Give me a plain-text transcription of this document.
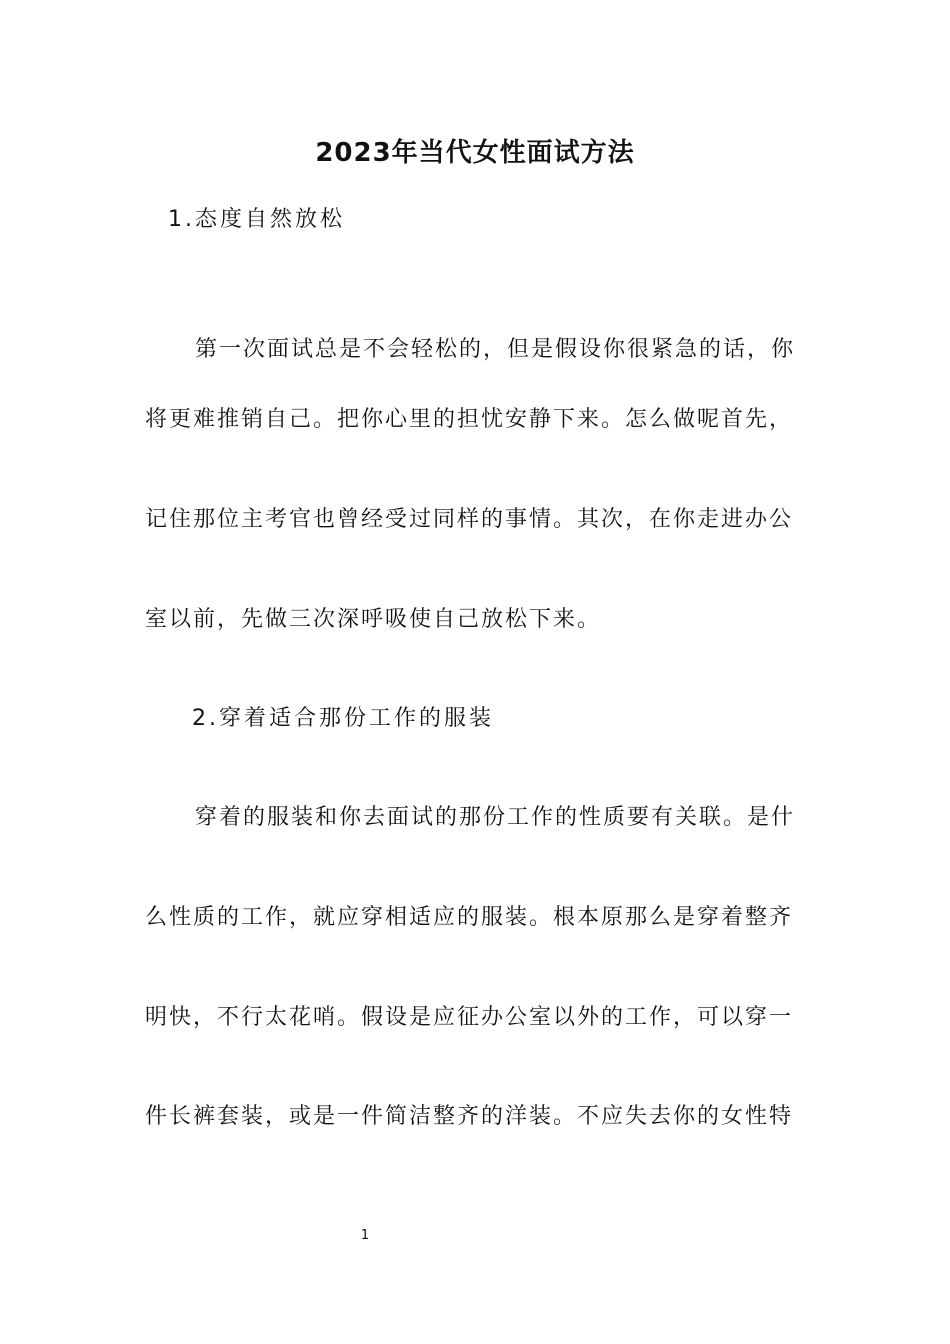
2023年当代女性面试方法
1.态度自然放松
第一次面试总是不会轻松的，但是假设你很紧急的话，你
将更难推销自己。把你心里的担忧安静下来。怎么做呢首先，
记住那位主考官也曾经受过同样的事情。其次，在你走进办公
室以前，先做三次深呼吸使自己放松下来。
2.穿着适合那份工作的服装
穿着的服装和你去面试的那份工作的性质要有关联。是什
么性质的工作，就应穿相适应的服装。根本原那么是穿着整齐
明快，不行太花哨。假设是应征办公室以外的工作，可以穿一
件长裤套装，或是一件简洁整齐的洋装。不应失去你的女性特
1
